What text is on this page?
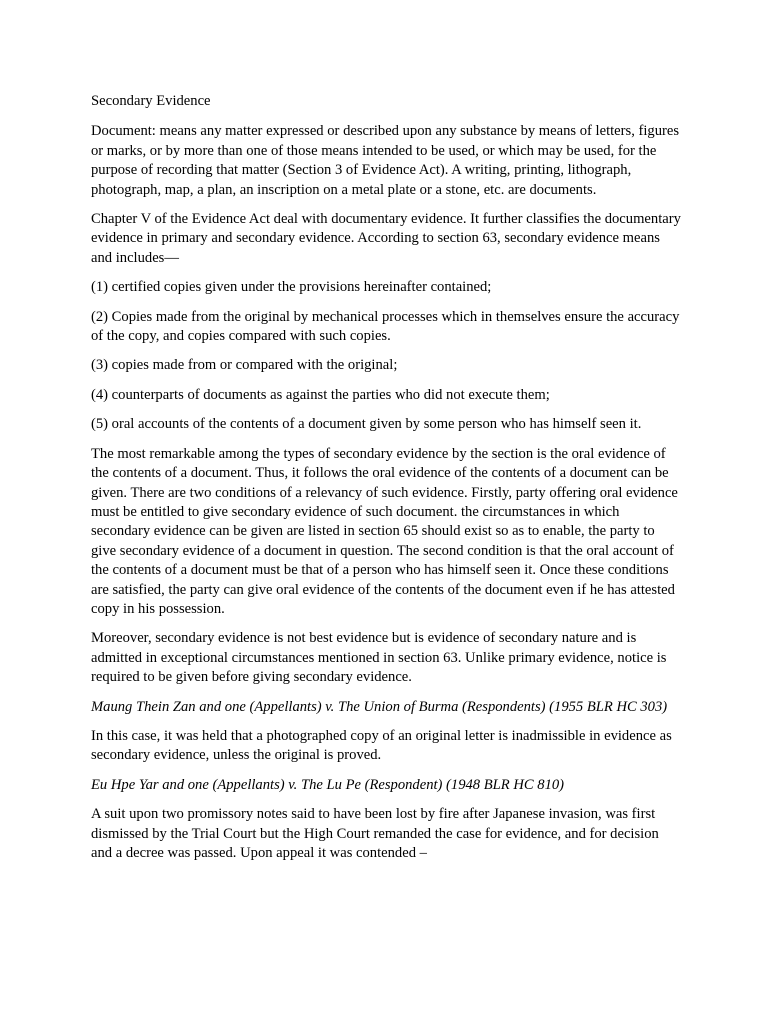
Secondary Evidence

Document: means any matter expressed or described upon any substance by means of letters, figures or marks, or by more than one of those means intended to be used, or which may be used, for the purpose of recording that matter (Section 3 of Evidence Act). A writing, printing, lithograph, photograph, map, a plan, an inscription on a metal plate or a stone, etc. are documents.

Chapter V of the Evidence Act deal with documentary evidence. It further classifies the documentary evidence in primary and secondary evidence. According to section 63, secondary evidence means and includes—

(1) certified copies given under the provisions hereinafter contained;

(2) Copies made from the original by mechanical processes which in themselves ensure the accuracy of the copy, and copies compared with such copies.

(3) copies made from or compared with the original;

(4) counterparts of documents as against the parties who did not execute them;

(5) oral accounts of the contents of a document given by some person who has himself seen it.

The most remarkable among the types of secondary evidence by the section is the oral evidence of the contents of a document. Thus, it follows the oral evidence of the contents of a document can be given. There are two conditions of a relevancy of such evidence. Firstly, party offering oral evidence must be entitled to give secondary evidence of such document. the circumstances in which secondary evidence can be given are listed in section 65 should exist so as to enable, the party to give secondary evidence of a document in question. The second condition is that the oral account of the contents of a document must be that of a person who has himself seen it. Once these conditions are satisfied, the party can give oral evidence of the contents of the document even if he has attested copy in his possession.

Moreover, secondary evidence is not best evidence but is evidence of secondary nature and is admitted in exceptional circumstances mentioned in section 63. Unlike primary evidence, notice is required to be given before giving secondary evidence.

Maung Thein Zan and one (Appellants) v. The Union of Burma (Respondents) (1955 BLR HC 303)

In this case, it was held that a photographed copy of an original letter is inadmissible in evidence as secondary evidence, unless the original is proved.

Eu Hpe Yar and one (Appellants) v. The Lu Pe (Respondent) (1948 BLR HC 810)

A suit upon two promissory notes said to have been lost by fire after Japanese invasion, was first dismissed by the Trial Court but the High Court remanded the case for evidence, and for decision and a decree was passed. Upon appeal it was contended –
